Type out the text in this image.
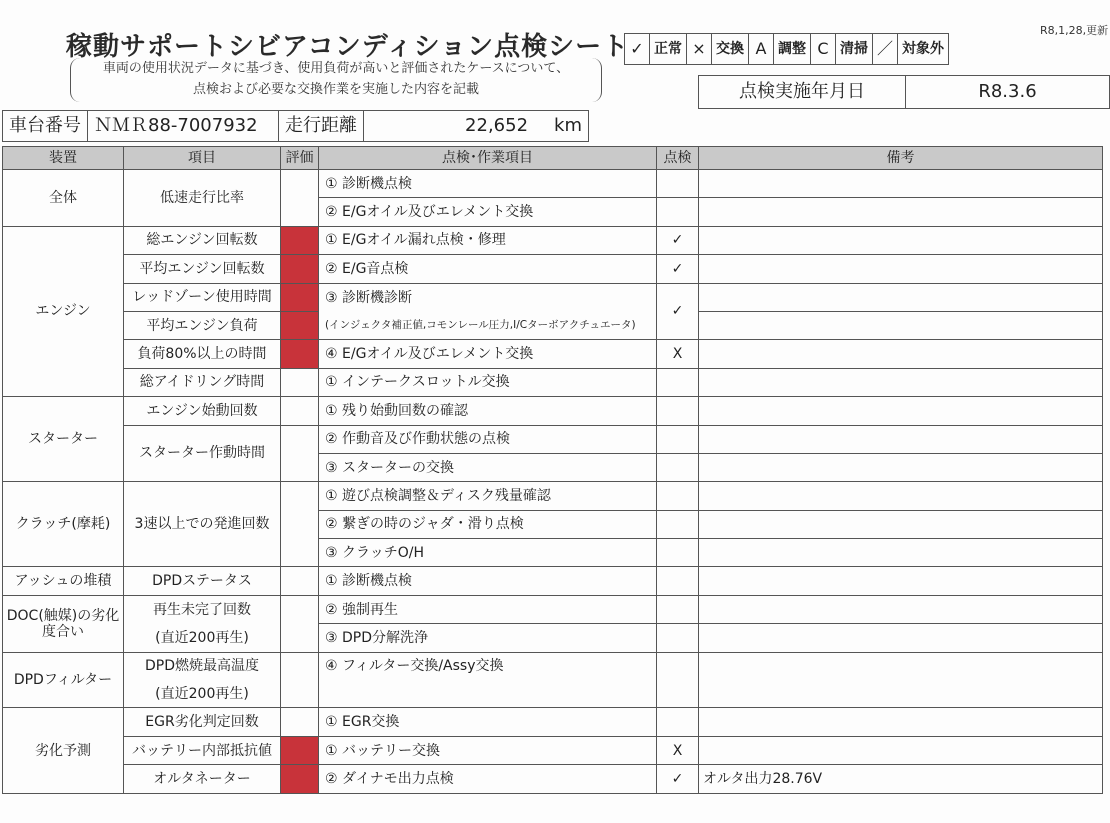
稼動サポートシビアコンディション点検シート
車両の使用状況データに基づき、使用負荷が高いと評価されたケースについて、
点検および必要な交換作業を実施した内容を記載
R8,1,28,更新
✓ 正常 × 交換 A 調整 C 清掃 ／ 対象外
点検実施年月日	R8.3.6
車台番号 ＮＭＲ88-7007932	走行距離	22,652 km
装置	項目	評価	点検･作業項目	点検	備考
全体	低速走行比率		① 診断機点検		
			② E/Gオイル及びエレメント交換		
エンジン	総エンジン回転数		① E/Gオイル漏れ点検・修理	✓	
	平均エンジン回転数		② E/G音点検	✓	
	レッドゾーン使用時間		③ 診断機診断	✓	
	平均エンジン負荷		(インジェクタ補正値,コモンレール圧力,I/Cターボアクチュエータ)		
	負荷80%以上の時間		④ E/Gオイル及びエレメント交換	X	
	総アイドリング時間		① インテークスロットル交換		
スターター	エンジン始動回数		① 残り始動回数の確認		
	スターター作動時間		② 作動音及び作動状態の点検		
			③ スターターの交換		
クラッチ(摩耗)	3速以上での発進回数		① 遊び点検調整＆ディスク残量確認		
			② 繋ぎの時のジャダ・滑り点検		
			③ クラッチO/H		
アッシュの堆積	DPDステータス		① 診断機点検		
DOC(触媒)の劣化度合い	再生未完了回数		② 強制再生		
	(直近200再生)		③ DPD分解洗浄		
DPDフィルター	DPD燃焼最高温度		④ フィルター交換/Assy交換		
	(直近200再生)				
劣化予測	EGR劣化判定回数		① EGR交換		
	バッテリー内部抵抗値		① バッテリー交換	X	
	オルタネーター		② ダイナモ出力点検	✓	オルタ出力28.76V
